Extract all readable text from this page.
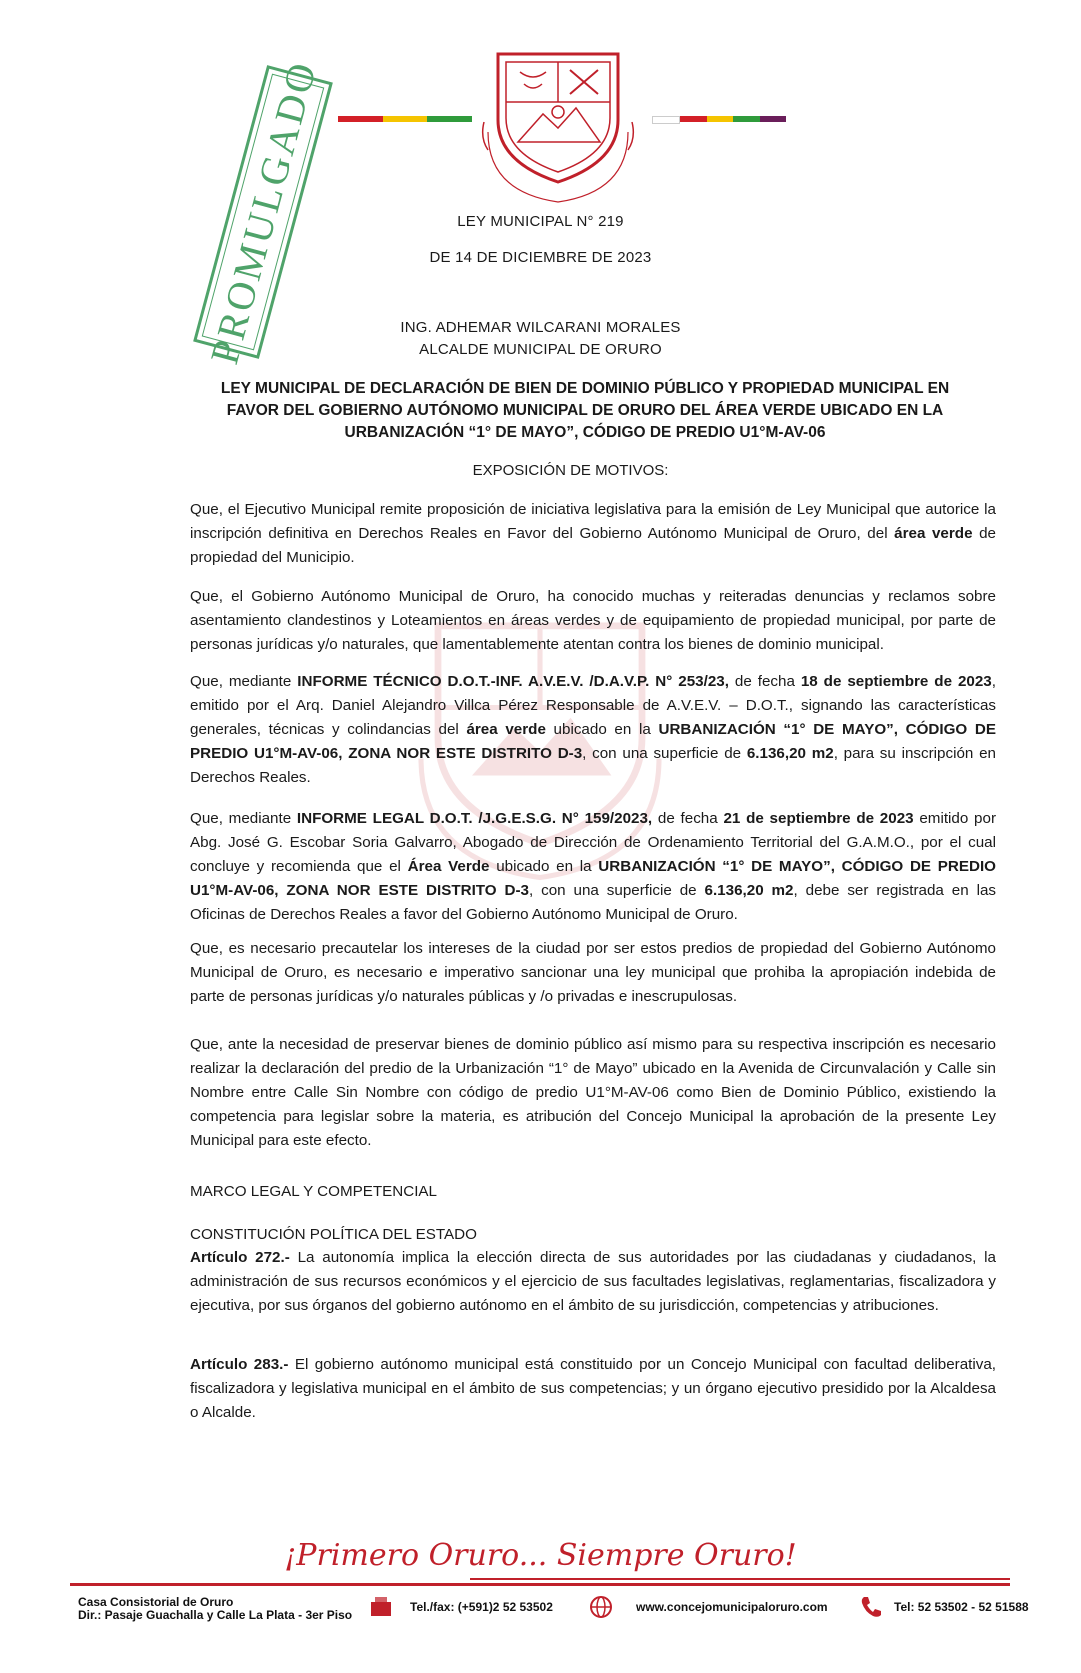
LEY MUNICIPAL N° 219
DE 14 DE DICIEMBRE DE 2023
ING. ADHEMAR WILCARANI MORALES
ALCALDE MUNICIPAL DE ORURO
PROMULGADO
LEY MUNICIPAL DE DECLARACIÓN DE BIEN DE DOMINIO PÚBLICO Y PROPIEDAD MUNICIPAL EN
FAVOR DEL GOBIERNO AUTÓNOMO MUNICIPAL DE ORURO DEL ÁREA VERDE UBICADO EN LA
URBANIZACIÓN “1° DE MAYO”, CÓDIGO DE PREDIO U1°M-AV-06
EXPOSICIÓN DE MOTIVOS:

Que, el Ejecutivo Municipal remite proposición de iniciativa legislativa para la emisión de Ley Municipal que autorice la inscripción definitiva en Derechos Reales en Favor del Gobierno Autónomo Municipal de Oruro, del área verde de propiedad del Municipio.

Que, el Gobierno Autónomo Municipal de Oruro, ha conocido muchas y reiteradas denuncias y reclamos sobre asentamiento clandestinos y Loteamientos en áreas verdes y de equipamiento de propiedad municipal, por parte de personas jurídicas y/o naturales, que lamentablemente atentan contra los bienes de dominio municipal.

Que, mediante INFORME TÉCNICO D.O.T.-INF. A.V.E.V. /D.A.V.P. N° 253/23, de fecha 18 de septiembre de 2023, emitido por el Arq. Daniel Alejandro Villca Pérez Responsable de A.V.E.V. – D.O.T., signando las características generales, técnicas y colindancias del área verde ubicado en la URBANIZACIÓN “1° DE MAYO”, CÓDIGO DE PREDIO U1°M-AV-06, ZONA NOR ESTE DISTRITO D-3, con una superficie de 6.136,20 m2, para su inscripción en Derechos Reales.

Que, mediante INFORME LEGAL D.O.T. /J.G.E.S.G. N° 159/2023, de fecha 21 de septiembre de 2023 emitido por Abg. José G. Escobar Soria Galvarro, Abogado de Dirección de Ordenamiento Territorial del G.A.M.O., por el cual concluye y recomienda que el Área Verde ubicado en la URBANIZACIÓN “1° DE MAYO”, CÓDIGO DE PREDIO U1°M-AV-06, ZONA NOR ESTE DISTRITO D-3, con una superficie de 6.136,20 m2, debe ser registrada en las Oficinas de Derechos Reales a favor del Gobierno Autónomo Municipal de Oruro.

Que, es necesario precautelar los intereses de la ciudad por ser estos predios de propiedad del Gobierno Autónomo Municipal de Oruro, es necesario e imperativo sancionar una ley municipal que prohiba la apropiación indebida de parte de personas jurídicas y/o naturales públicas y /o privadas e inescrupulosas.

Que, ante la necesidad de preservar bienes de dominio público así mismo para su respectiva inscripción es necesario realizar la declaración del predio de la Urbanización “1° de Mayo” ubicado en la Avenida de Circunvalación y Calle sin Nombre entre Calle Sin Nombre con código de predio U1°M-AV-06 como Bien de Dominio Público, existiendo la competencia para legislar sobre la materia, es atribución del Concejo Municipal la aprobación de la presente Ley Municipal para este efecto.

MARCO LEGAL Y COMPETENCIAL
CONSTITUCIÓN POLÍTICA DEL ESTADO

Artículo 272.- La autonomía implica la elección directa de sus autoridades por las ciudadanas y ciudadanos, la administración de sus recursos económicos y el ejercicio de sus facultades legislativas, reglamentarias, fiscalizadora y ejecutiva, por sus órganos del gobierno autónomo en el ámbito de su jurisdicción, competencias y atribuciones.

Artículo 283.- El gobierno autónomo municipal está constituido por un Concejo Municipal con facultad deliberativa, fiscalizadora y legislativa municipal en el ámbito de sus competencias; y un órgano ejecutivo presidido por la Alcaldesa o Alcalde.

¡Primero Oruro... Siempre Oruro!
Casa Consistorial de Oruro
Dir.: Pasaje Guachalla y Calle La Plata - 3er Piso
Tel./fax: (+591)2 52 53502	www.concejomunicipaloruro.com	Tel: 52 53502 - 52 51588
